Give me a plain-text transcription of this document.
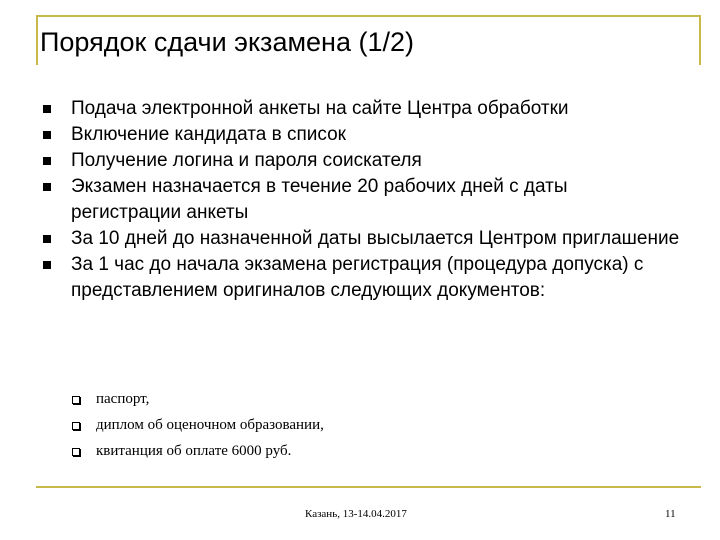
Порядок сдачи экзамена (1/2)
Подача электронной анкеты на сайте Центра обработки
Включение кандидата в список
Получение логина и пароля соискателя
Экзамен назначается в течение 20 рабочих дней с даты регистрации анкеты
За 10 дней до назначенной даты высылается Центром приглашение
За 1 час до начала экзамена регистрация (процедура допуска) с представлением оригиналов следующих документов:
паспорт,
диплом об оценочном образовании,
квитанция об оплате 6000 руб.
Казань, 13-14.04.2017	11
